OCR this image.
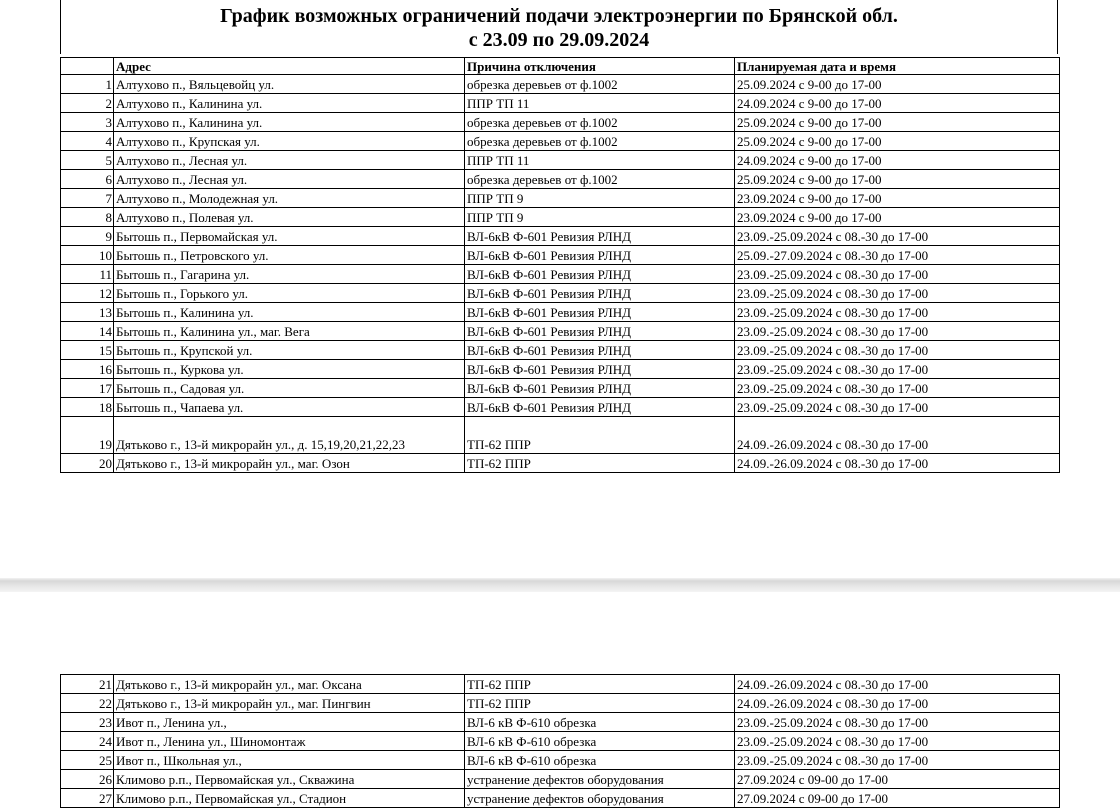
График возможных ограничений подачи электроэнергии по Брянской обл.
с 23.09 по 29.09.2024
	Адрес	Причина отключения	Планируемая дата и время
1	Алтухово п., Вяльцевойц ул.	обрезка деревьев от ф.1002	25.09.2024 с 9-00 до 17-00
2	Алтухово п., Калинина ул.	ППР ТП 11	24.09.2024 с 9-00 до 17-00
3	Алтухово п., Калинина ул.	обрезка деревьев от ф.1002	25.09.2024 с 9-00 до 17-00
4	Алтухово п., Крупская ул.	обрезка деревьев от ф.1002	25.09.2024 с 9-00 до 17-00
5	Алтухово п., Лесная ул.	ППР ТП 11	24.09.2024 с 9-00 до 17-00
6	Алтухово п., Лесная ул.	обрезка деревьев от ф.1002	25.09.2024 с 9-00 до 17-00
7	Алтухово п., Молодежная ул.	ППР ТП 9	23.09.2024 с 9-00 до 17-00
8	Алтухово п., Полевая ул.	ППР ТП 9	23.09.2024 с 9-00 до 17-00
9	Бытошь п., Первомайская ул.	ВЛ-6кВ Ф-601 Ревизия РЛНД	23.09.-25.09.2024 с 08.-30 до 17-00
10	Бытошь п., Петровского ул.	ВЛ-6кВ Ф-601 Ревизия РЛНД	25.09.-27.09.2024 с 08.-30 до 17-00
11	Бытошь п., Гагарина ул.	ВЛ-6кВ Ф-601 Ревизия РЛНД	23.09.-25.09.2024 с 08.-30 до 17-00
12	Бытошь п., Горького ул.	ВЛ-6кВ Ф-601 Ревизия РЛНД	23.09.-25.09.2024 с 08.-30 до 17-00
13	Бытошь п., Калинина ул.	ВЛ-6кВ Ф-601 Ревизия РЛНД	23.09.-25.09.2024 с 08.-30 до 17-00
14	Бытошь п., Калинина ул., маг. Вега	ВЛ-6кВ Ф-601 Ревизия РЛНД	23.09.-25.09.2024 с 08.-30 до 17-00
15	Бытошь п., Крупской ул.	ВЛ-6кВ Ф-601 Ревизия РЛНД	23.09.-25.09.2024 с 08.-30 до 17-00
16	Бытошь п., Куркова ул.	ВЛ-6кВ Ф-601 Ревизия РЛНД	23.09.-25.09.2024 с 08.-30 до 17-00
17	Бытошь п., Садовая ул.	ВЛ-6кВ Ф-601 Ревизия РЛНД	23.09.-25.09.2024 с 08.-30 до 17-00
18	Бытошь п., Чапаева ул.	ВЛ-6кВ Ф-601 Ревизия РЛНД	23.09.-25.09.2024 с 08.-30 до 17-00
19	Дятьково г., 13-й микрорайн ул., д. 15,19,20,21,22,23	ТП-62 ППР	24.09.-26.09.2024 с 08.-30 до 17-00
20	Дятьково г., 13-й микрорайн ул., маг. Озон	ТП-62 ППР	24.09.-26.09.2024 с 08.-30 до 17-00
21	Дятьково г., 13-й микрорайн ул., маг. Оксана	ТП-62 ППР	24.09.-26.09.2024 с 08.-30 до 17-00
22	Дятьково г., 13-й микрорайн ул., маг. Пингвин	ТП-62 ППР	24.09.-26.09.2024 с 08.-30 до 17-00
23	Ивот п., Ленина ул.,	ВЛ-6 кВ Ф-610 обрезка	23.09.-25.09.2024 с 08.-30 до 17-00
24	Ивот п., Ленина ул., Шиномонтаж	ВЛ-6 кВ Ф-610 обрезка	23.09.-25.09.2024 с 08.-30 до 17-00
25	Ивот п., Школьная ул.,	ВЛ-6 кВ Ф-610 обрезка	23.09.-25.09.2024 с 08.-30 до 17-00
26	Климово р.п., Первомайская ул., Скважина	устранение дефектов оборудования	27.09.2024 с 09-00 до 17-00
27	Климово р.п., Первомайская ул., Стадион	устранение дефектов оборудования	27.09.2024 с 09-00 до 17-00
